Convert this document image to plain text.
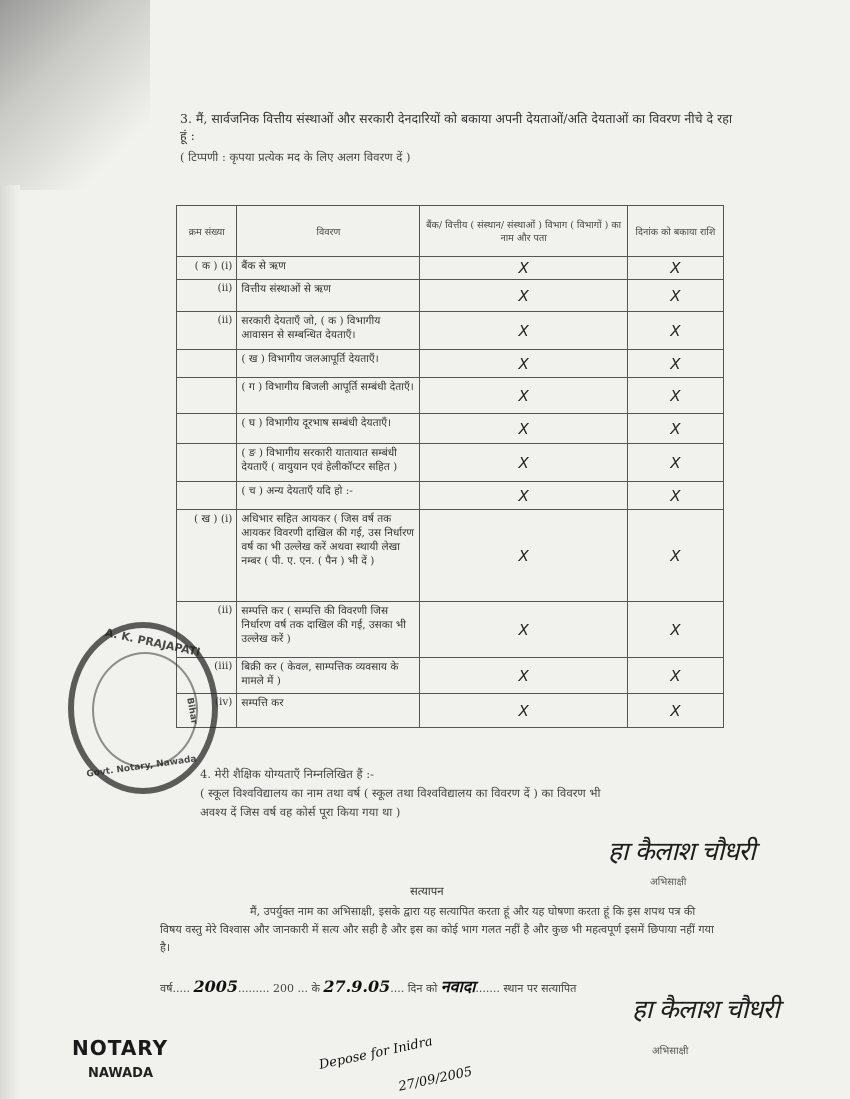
3. मैं, सार्वजनिक वित्तीय संस्थाओं और सरकारी देनदारियों को बकाया अपनी देयताओं/अति देयताओं का विवरण नीचे दे रहा हूं :
( टिप्पणी : कृपया प्रत्येक मद के लिए अलग विवरण दें )
क्रम संख्या	विवरण	बैंक/ वित्तीय ( संस्थान/ संस्थाओं ) विभाग ( विभागों ) का नाम और पता	दिनांक को बकाया राशि
( क ) (i)	बैंक से ऋण	X	X
(ii)	वित्तीय संस्थाओं से ऋण	X	X
(ii)	सरकारी देयताएँ जो, ( क ) विभागीय आवासन से सम्बन्धित देयताएँ।	X	X
	( ख ) विभागीय जलआपूर्ति देयताएँ।	X	X
	( ग ) विभागीय बिजली आपूर्ति सम्बंधी देताएँ।	X	X
	( घ ) विभागीय दूरभाष सम्बंधी देयताएँ।	X	X
	( ङ ) विभागीय सरकारी यातायात सम्बंधी देयताएँ ( वायुयान एवं हेलीकॉप्टर सहित )	X	X
	( च ) अन्य देयताएँ यदि हो :-	X	X
( ख ) (i)	अधिभार सहित आयकर ( जिस वर्ष तक आयकर विवरणी दाखिल की गई, उस निर्धारण वर्ष का भी उल्लेख करें अथवा स्थायी लेखा नम्बर ( पी. ए. एन. ( पैन ) भी दें )	X	X
(ii)	सम्पत्ति कर ( सम्पत्ति की विवरणी जिस निर्धारण वर्ष तक दाखिल की गई, उसका भी उल्लेख करें )	X	X
(iii)	बिक्री कर ( केवल, साम्पत्तिक व्यवसाय के मामले में )	X	X
(iv)	सम्पत्ति कर	X	X
A. K. PRAJAPATI
Govt. Notary, Nawada
Bihar
4. मेरी शैक्षिक योग्यताएँ निम्नलिखित हैं :-
( स्कूल विश्वविद्यालय का नाम तथा वर्ष ( स्कूल तथा विश्वविद्यालय का विवरण दें ) का विवरण भी
अवश्य दें जिस वर्ष वह कोर्स पूरा किया गया था )
हा कैलाश चौधरी
अभिसाक्षी
सत्यापन
मैं, उपर्युक्त नाम का अभिसाक्षी, इसके द्वारा यह सत्यापित करता हूं और यह घोषणा करता हूं कि इस शपथ पत्र की विषय वस्तु मेरे विश्वास और जानकारी में सत्य और सही है और इस का कोई भाग गलत नहीं है और कुछ भी महत्वपूर्ण इसमें छिपाया नहीं गया है।
वर्ष..... 2005......... 200 ... के 27.9.05.... दिन को नवादा....... स्थान पर सत्यापित
हा कैलाश चौधरी
अभिसाक्षी
NOTARY
NAWADA
Depose for Inidra
27/09/2005
